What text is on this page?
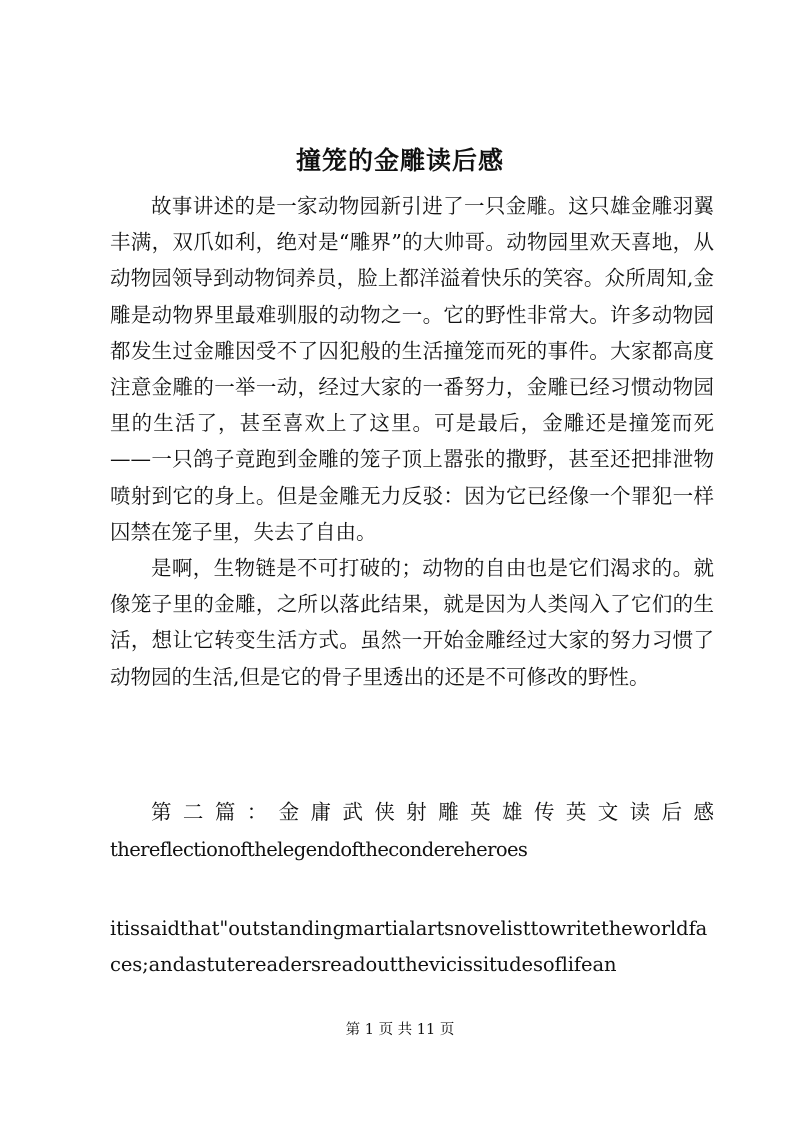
撞笼的金雕读后感

故事讲述的是一家动物园新引进了一只金雕。这只雄金雕羽翼丰满，双爪如利，绝对是“雕界”的大帅哥。动物园里欢天喜地，从动物园领导到动物饲养员，脸上都洋溢着快乐的笑容。众所周知,金雕是动物界里最难驯服的动物之一。它的野性非常大。许多动物园都发生过金雕因受不了囚犯般的生活撞笼而死的事件。大家都高度注意金雕的一举一动，经过大家的一番努力，金雕已经习惯动物园里的生活了，甚至喜欢上了这里。可是最后，金雕还是撞笼而死——一只鸽子竟跑到金雕的笼子顶上嚣张的撒野，甚至还把排泄物喷射到它的身上。但是金雕无力反驳：因为它已经像一个罪犯一样囚禁在笼子里，失去了自由。

是啊，生物链是不可打破的；动物的自由也是它们渴求的。就像笼子里的金雕，之所以落此结果，就是因为人类闯入了它们的生活，想让它转变生活方式。虽然一开始金雕经过大家的努力习惯了动物园的生活,但是它的骨子里透出的还是不可修改的野性。

第二篇：金庸武侠射雕英雄传英文读后感
thereflectionofthelegendofthecondereheroes
itissaidthat"outstandingmartialartsnovelisttowritetheworldfaces;andastutereadersreadoutthevicissitudesoflifean
第 1 页 共 11 页
